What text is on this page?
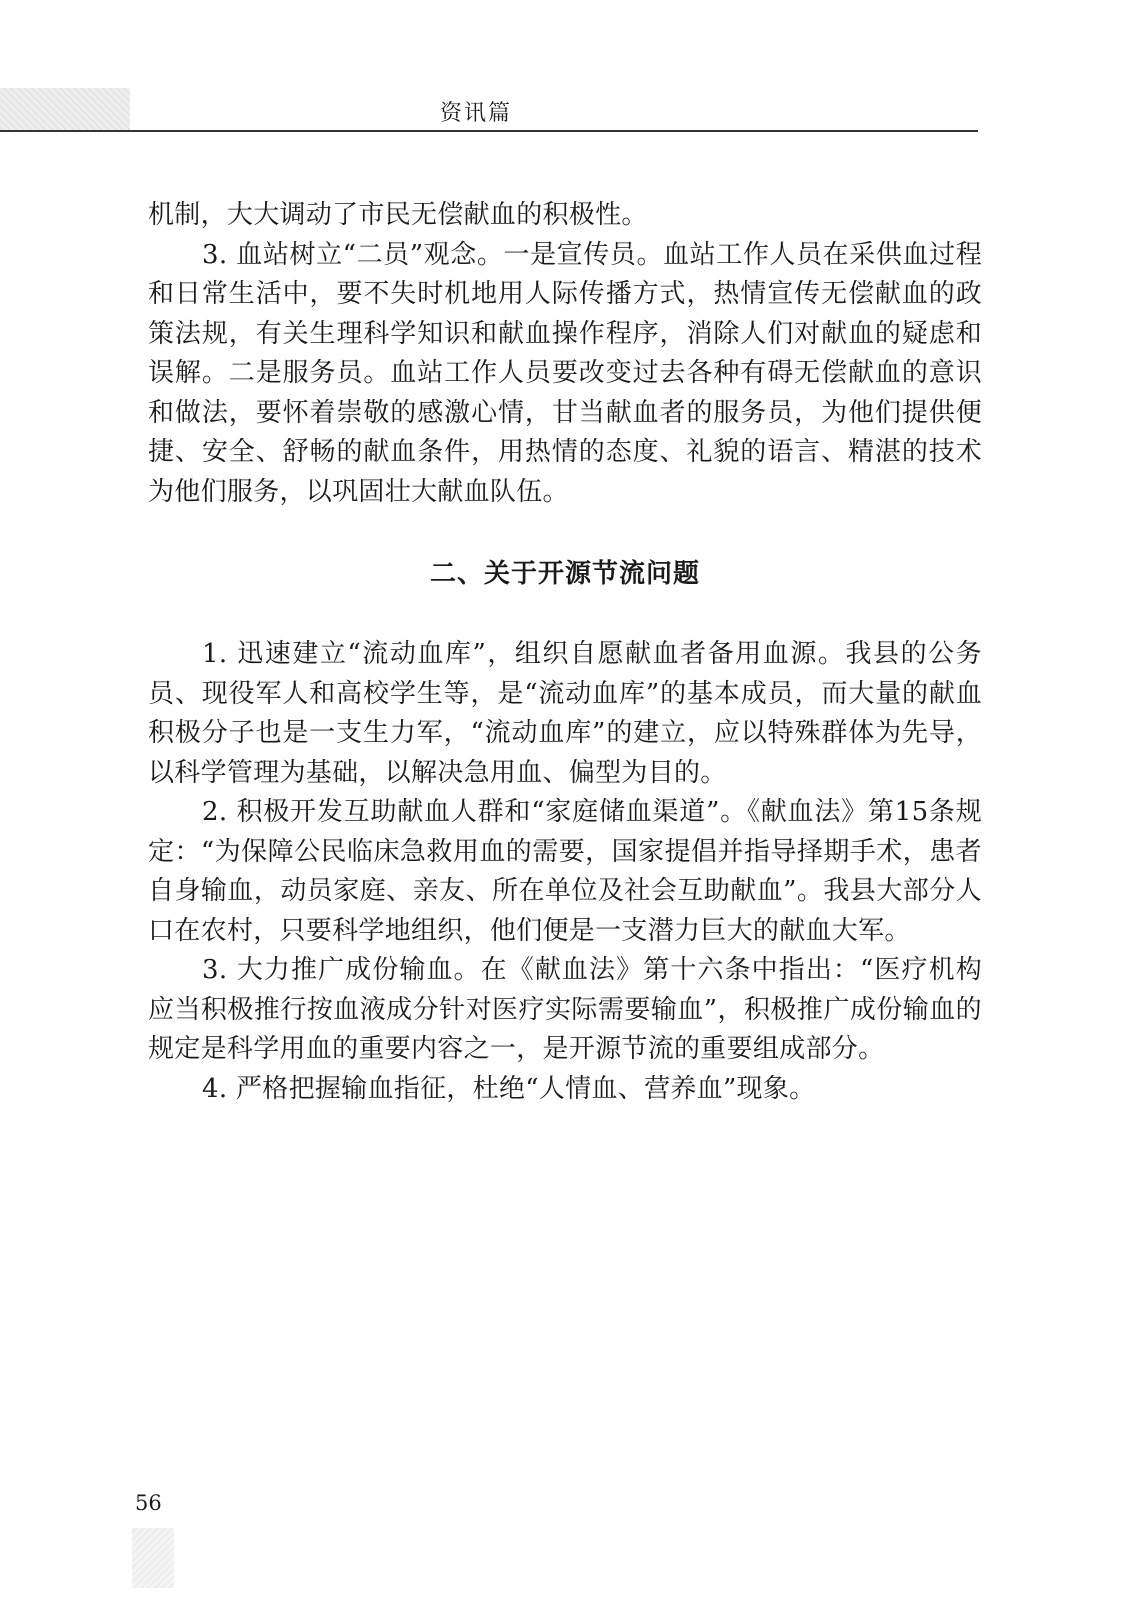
资讯篇

机制，大大调动了市民无偿献血的积极性。

3. 血站树立“二员”观念。一是宣传员。血站工作人员在采供血过程和日常生活中，要不失时机地用人际传播方式，热情宣传无偿献血的政策法规，有关生理科学知识和献血操作程序，消除人们对献血的疑虑和误解。二是服务员。血站工作人员要改变过去各种有碍无偿献血的意识和做法，要怀着崇敬的感激心情，甘当献血者的服务员，为他们提供便捷、安全、舒畅的献血条件，用热情的态度、礼貌的语言、精湛的技术为他们服务，以巩固壮大献血队伍。

二、关于开源节流问题

1. 迅速建立“流动血库”，组织自愿献血者备用血源。我县的公务员、现役军人和高校学生等，是“流动血库”的基本成员，而大量的献血积极分子也是一支生力军，“流动血库”的建立，应以特殊群体为先导，以科学管理为基础，以解决急用血、偏型为目的。

2. 积极开发互助献血人群和“家庭储血渠道”。《献血法》第15条规定：“为保障公民临床急救用血的需要，国家提倡并指导择期手术，患者自身输血，动员家庭、亲友、所在单位及社会互助献血”。我县大部分人口在农村，只要科学地组织，他们便是一支潜力巨大的献血大军。

3. 大力推广成份输血。在《献血法》第十六条中指出：“医疗机构应当积极推行按血液成分针对医疗实际需要输血”，积极推广成份输血的规定是科学用血的重要内容之一，是开源节流的重要组成部分。

4. 严格把握输血指征，杜绝“人情血、营养血”现象。

56
